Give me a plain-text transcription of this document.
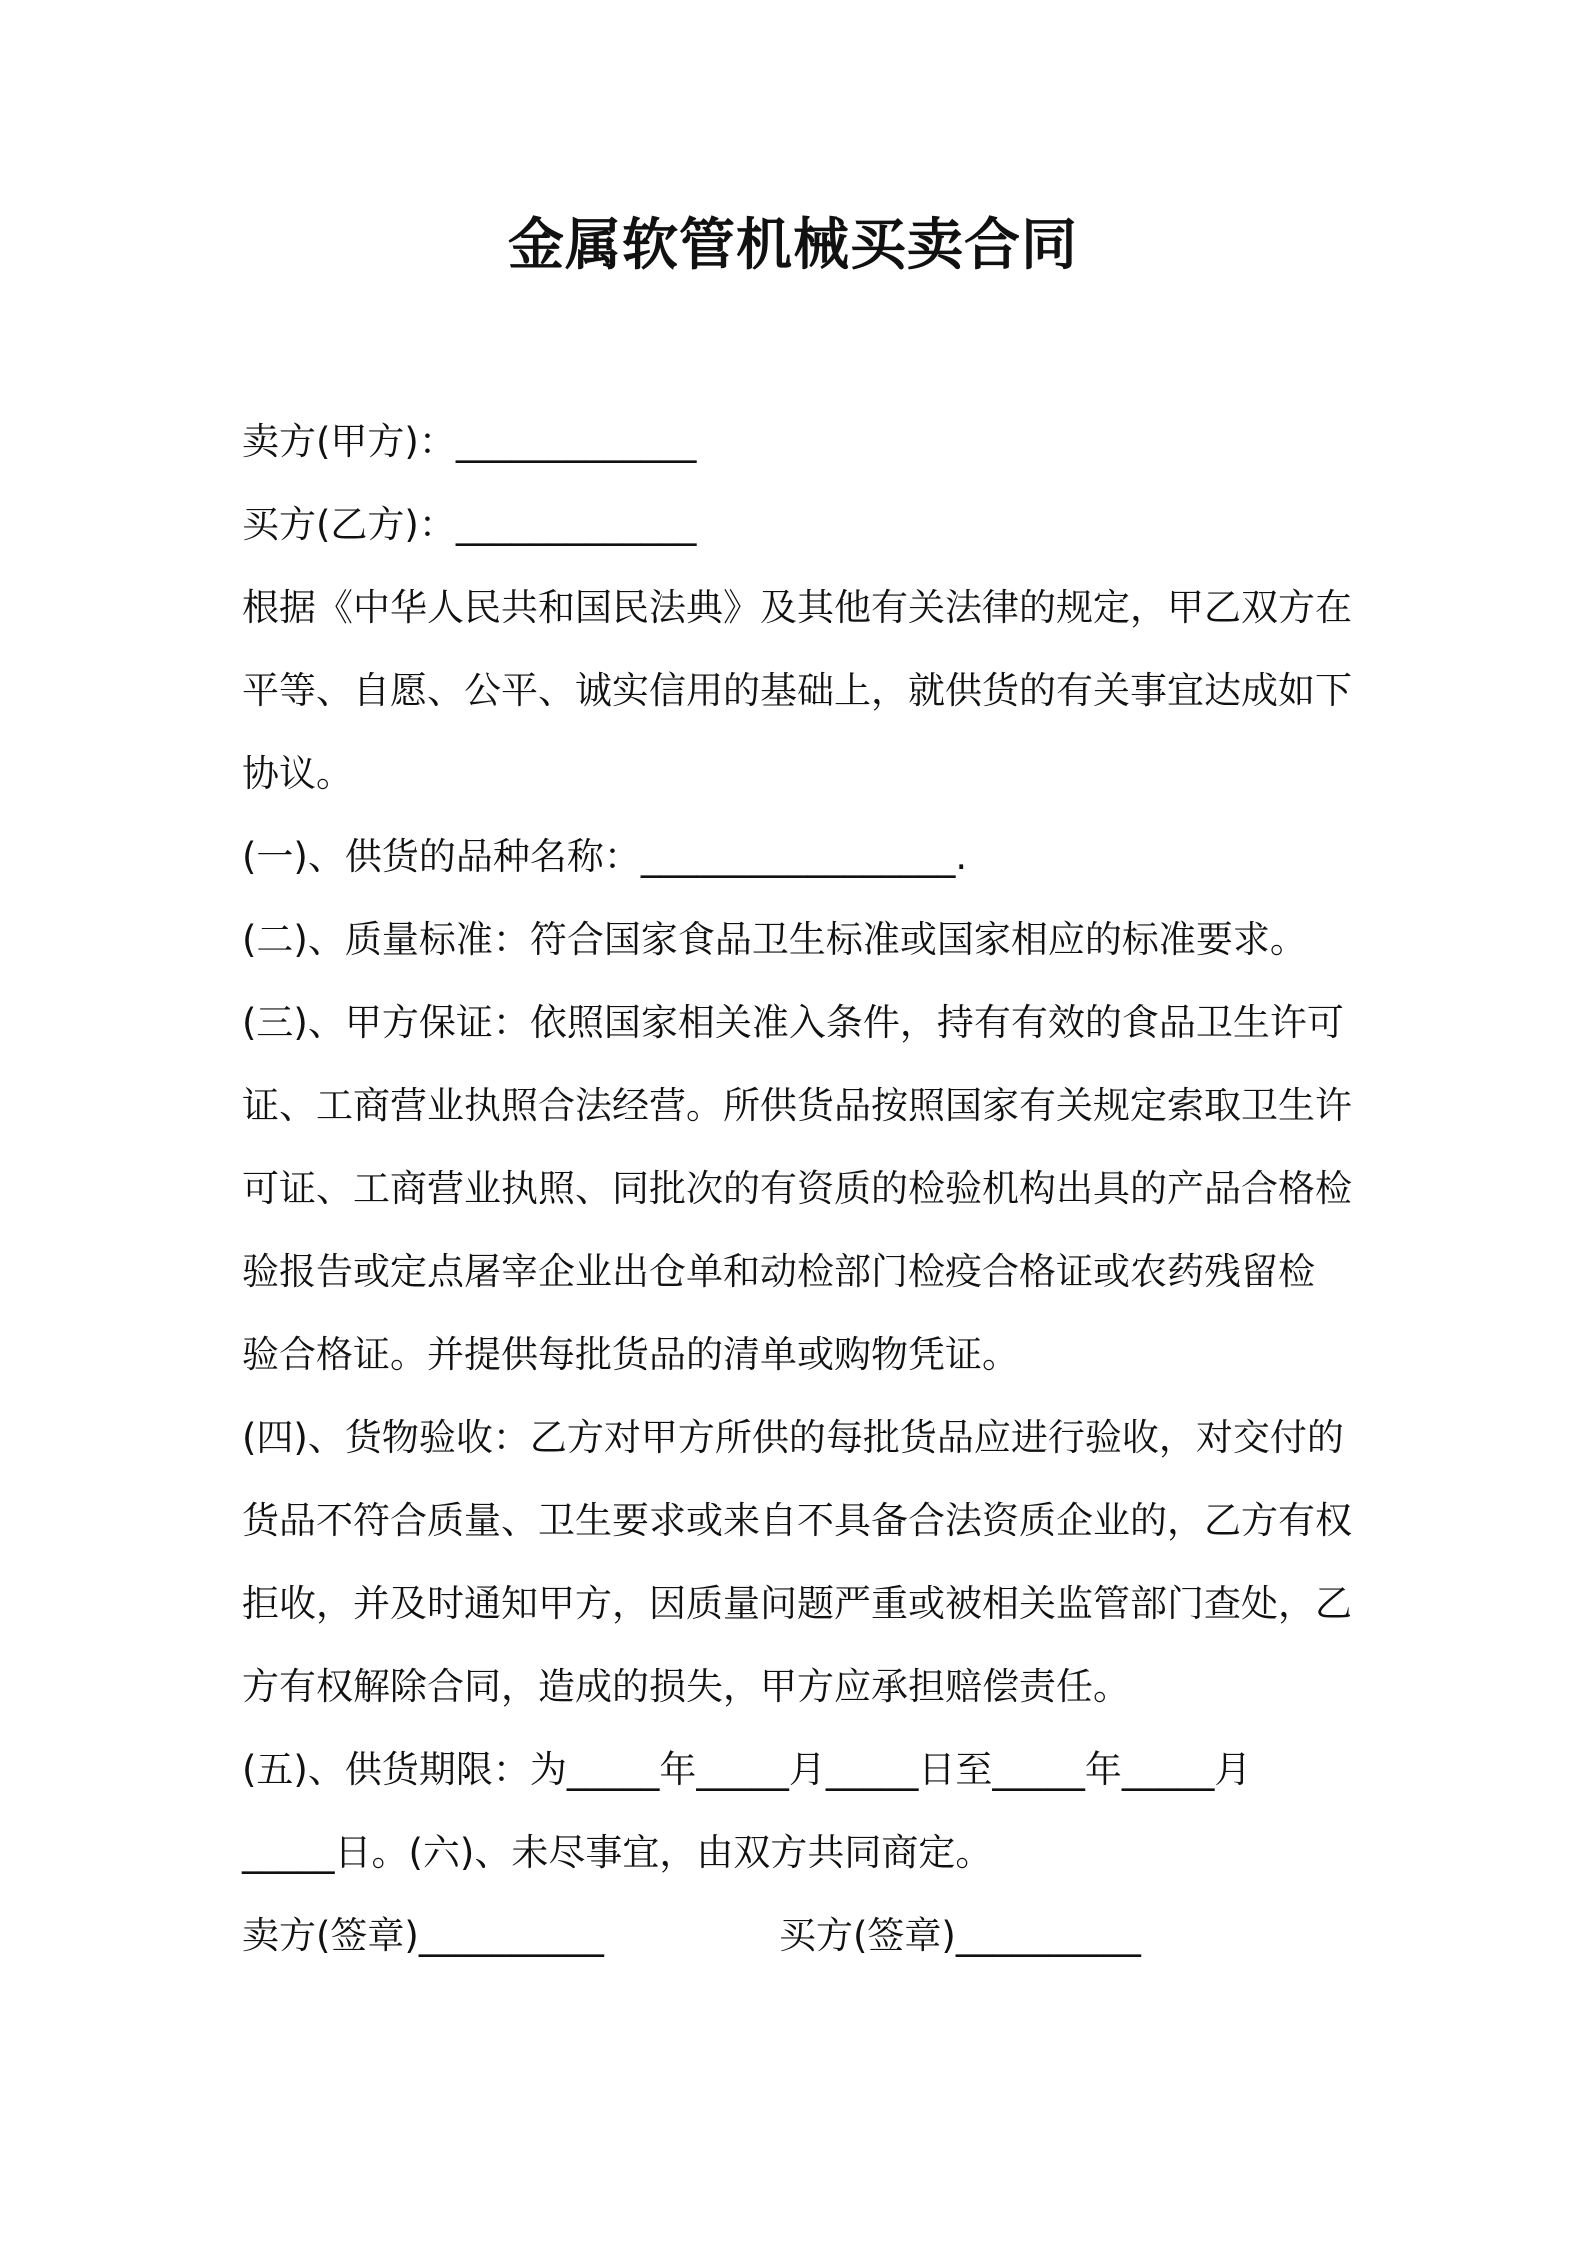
金属软管机械买卖合同
卖方(甲方)：_____________
买方(乙方)：_____________
根据《中华人民共和国民法典》及其他有关法律的规定，甲乙双方在
平等、自愿、公平、诚实信用的基础上，就供货的有关事宜达成如下
协议。
(一)、供货的品种名称：_________________.
(二)、质量标准：符合国家食品卫生标准或国家相应的标准要求。
(三)、甲方保证：依照国家相关准入条件，持有有效的食品卫生许可
证、工商营业执照合法经营。所供货品按照国家有关规定索取卫生许
可证、工商营业执照、同批次的有资质的检验机构出具的产品合格检
验报告或定点屠宰企业出仓单和动检部门检疫合格证或农药残留检
验合格证。并提供每批货品的清单或购物凭证。
(四)、货物验收：乙方对甲方所供的每批货品应进行验收，对交付的
货品不符合质量、卫生要求或来自不具备合法资质企业的，乙方有权
拒收，并及时通知甲方，因质量问题严重或被相关监管部门查处，乙
方有权解除合同，造成的损失，甲方应承担赔偿责任。
(五)、供货期限：为_____年_____月_____日至_____年_____月
_____日。(六)、未尽事宜，由双方共同商定。
卖方(签章)__________	买方(签章)__________
